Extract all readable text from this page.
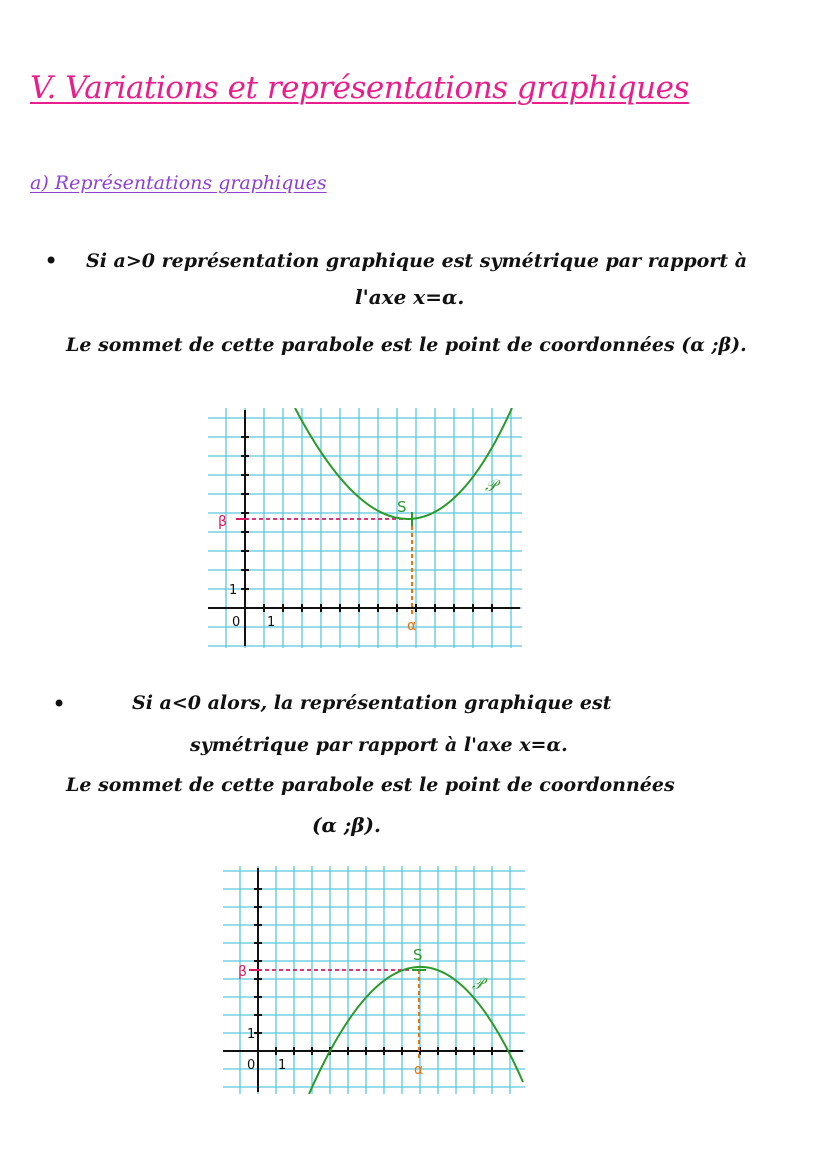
V. Variations et représentations graphiques
a) Représentations graphiques
• Si a>0 représentation graphique est symétrique par rapport à
l'axe x=α.
Le sommet de cette parabole est le point de coordonnées (α ;β).
β
1
0 1	α
S
𝒫
•	Si a<0 alors, la représentation graphique est
symétrique par rapport à l'axe x=α.
Le sommet de cette parabole est le point de coordonnées
(α ;β).
β
1
0 1	α
S
𝒫
